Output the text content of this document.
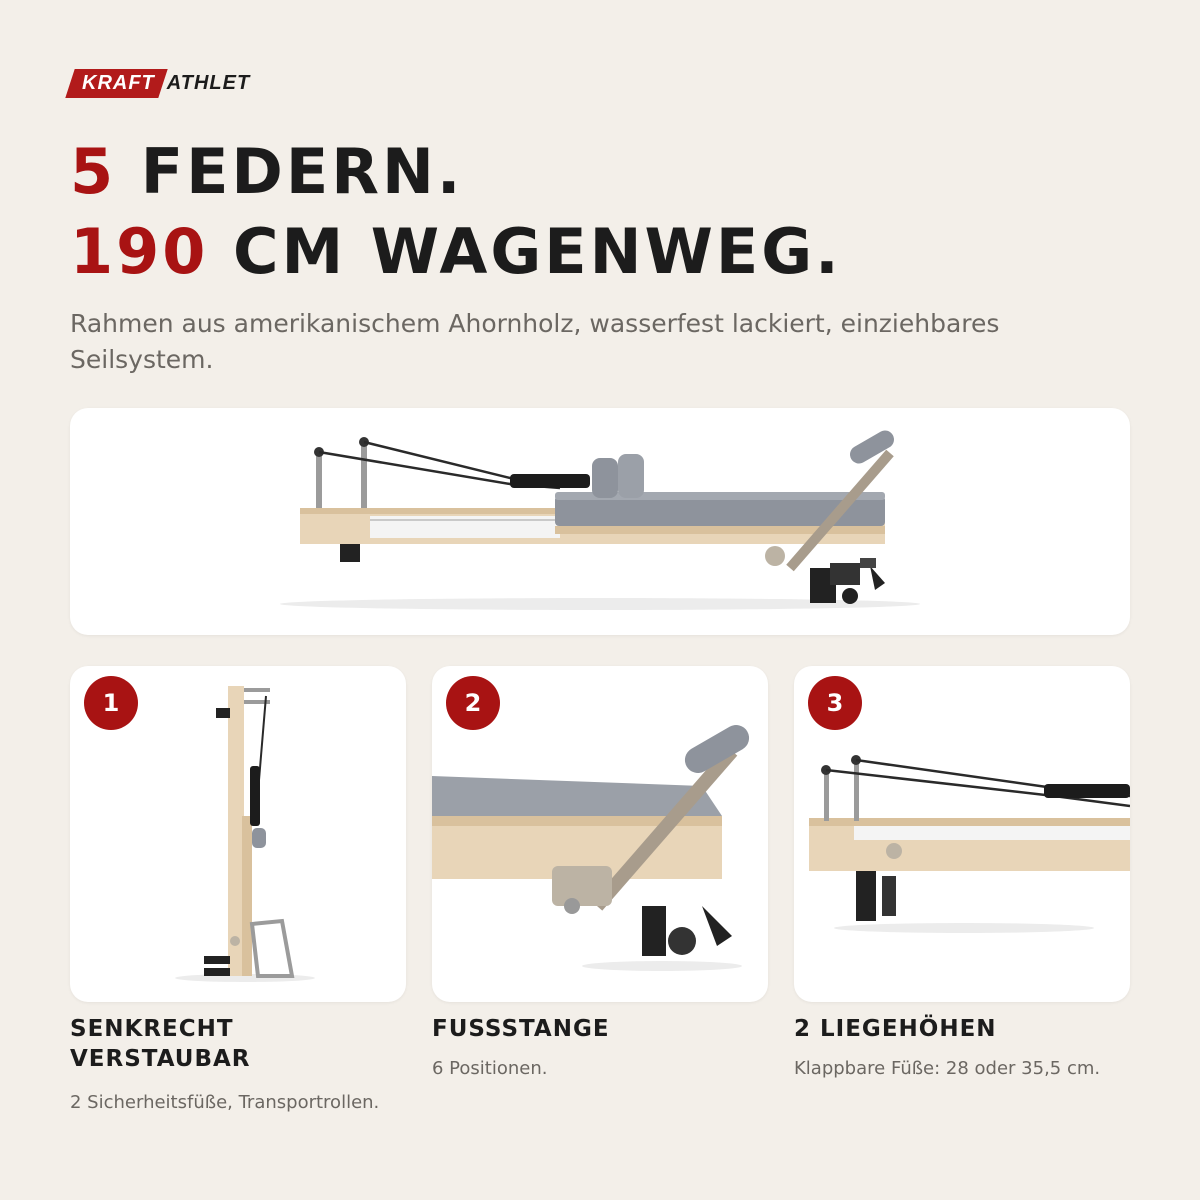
KRAFT ATHLET
5 FEDERN.
190 CM WAGENWEG.

Rahmen aus amerikanischem Ahornholz, wasserfest lackiert, einziehbares Seilsystem.

1	2	3
SENKRECHT
VERSTAUBAR

2 Sicherheitsfüße, Transportrollen.

FUSSSTANGE

6 Positionen.

2 LIEGEHÖHEN

Klappbare Füße: 28 oder 35,5 cm.
